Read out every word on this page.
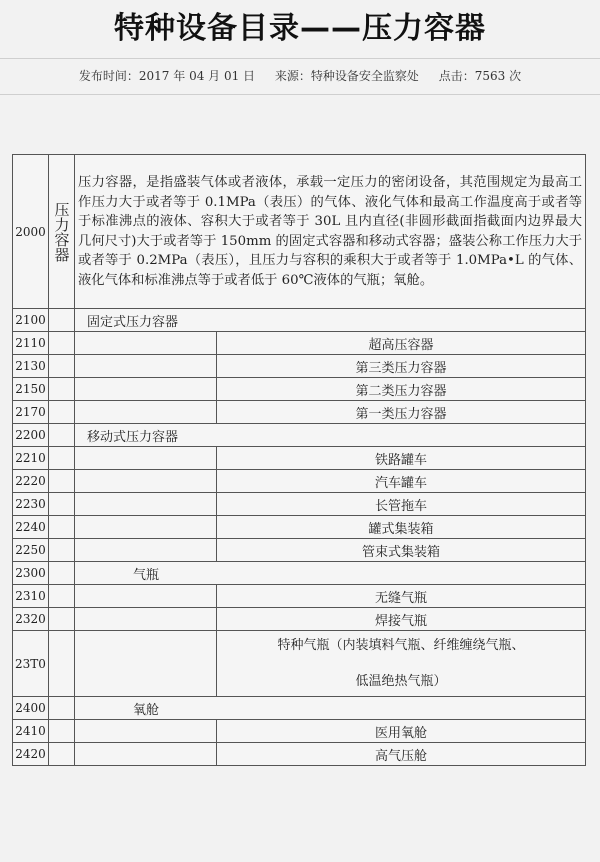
特种设备目录——压力容器
发布时间：2017 年 04 月 01 日 来源：特种设备安全监察处 点击：7563 次
2000	压力容器	压力容器，是指盛装气体或者液体，承载一定压力的密闭设备，其范围规定为最高工作压力大于或者等于 0.1MPa（表压）的气体、液化气体和最高工作温度高于或者等于标准沸点的液体、容积大于或者等于 30L 且内直径(非圆形截面指截面内边界最大几何尺寸)大于或者等于 150mm 的固定式容器和移动式容器；盛装公称工作压力大于或者等于 0.2MPa（表压），且压力与容积的乘积大于或者等于 1.0MPa•L 的气体、液化气体和标准沸点等于或者低于 60℃液体的气瓶；氧舱。	
2100		固定式压力容器	
2110			超高压容器
2130			第三类压力容器
2150			第二类压力容器
2170			第一类压力容器
2200		移动式压力容器	
2210			铁路罐车
2220			汽车罐车
2230			长管拖车
2240			罐式集装箱
2250			管束式集装箱
2300		气瓶	
2310			无缝气瓶
2320			焊接气瓶
23T0			特种气瓶（内装填料气瓶、纤维缠绕气瓶、
低温绝热气瓶）

2400		氧舱	
2410			医用氧舱
2420			高气压舱
